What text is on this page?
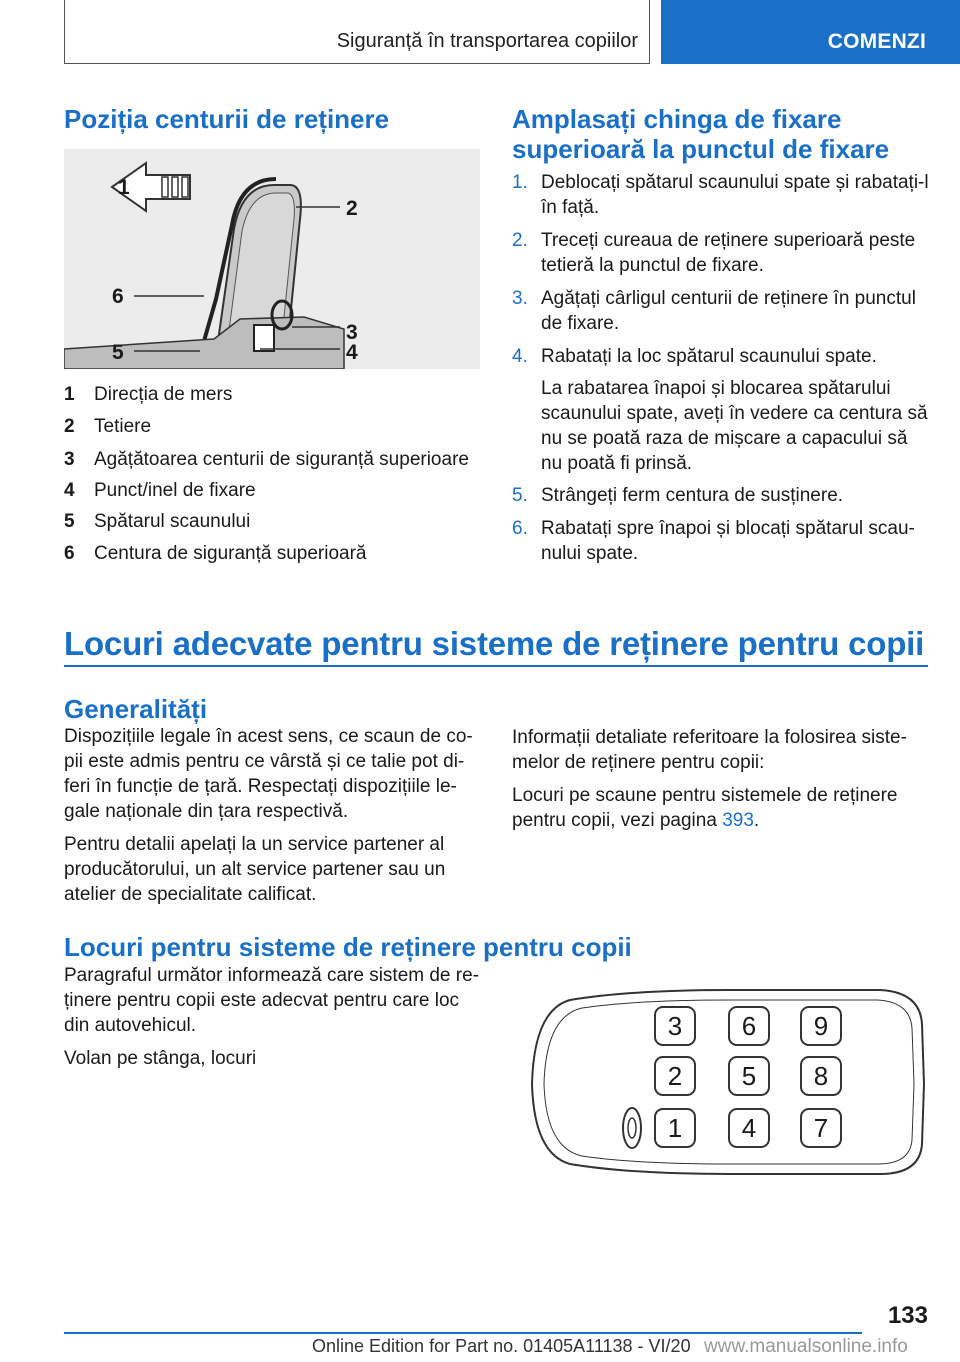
Siguranță în transportarea copiilor	COMENZI
Poziția centurii de reținere
1
2
6
3
5	4
1 Direcția de mers
2 Tetiere
3 Agățătoarea centurii de siguranță superioare
4 Punct/inel de fixare
5 Spătarul scaunului
6 Centura de siguranță superioară
Amplasați chinga de fixare
superioară la punctul de fixare
1. Deblocați spătarul scaunului spate și rabatați-l în față.
2. Treceți cureaua de reținere superioară peste tetieră la punctul de fixare.
3. Agățați cârligul centurii de reținere în punctul de fixare.
4. Rabatați la loc spătarul scaunului spate.
La rabatarea înapoi și blocarea spătarului scaunului spate, aveți în vedere ca centura să nu se poată raza de mișcare a capacului să nu poată fi prinsă.
5. Strângeți ferm centura de susținere.
6. Rabatați spre înapoi și blocați spătarul scaunului spate.
Locuri adecvate pentru sisteme de reținere pentru copii
Generalități

Dispozițiile legale în acest sens, ce scaun de copii este admis pentru ce vârstă și ce talie pot diferi în funcție de țară. Respectați dispozițiile legale naționale din țara respectivă.

Pentru detalii apelați la un service partener al producătorului, un alt service partener sau un atelier de specialitate calificat.

Informații detaliate referitoare la folosirea sistemelor de reținere pentru copii:

Locuri pe scaune pentru sistemele de reținere pentru copii, vezi pagina 393.

Locuri pentru sisteme de reținere pentru copii

Paragraful următor informează care sistem de reținere pentru copii este adecvat pentru care loc din autovehicul.

Volan pe stânga, locuri

3	6	9
2	5	8
1	4	7
133
Online Edition for Part no. 01405A11138 - VI/20 www.manualsonline.info
